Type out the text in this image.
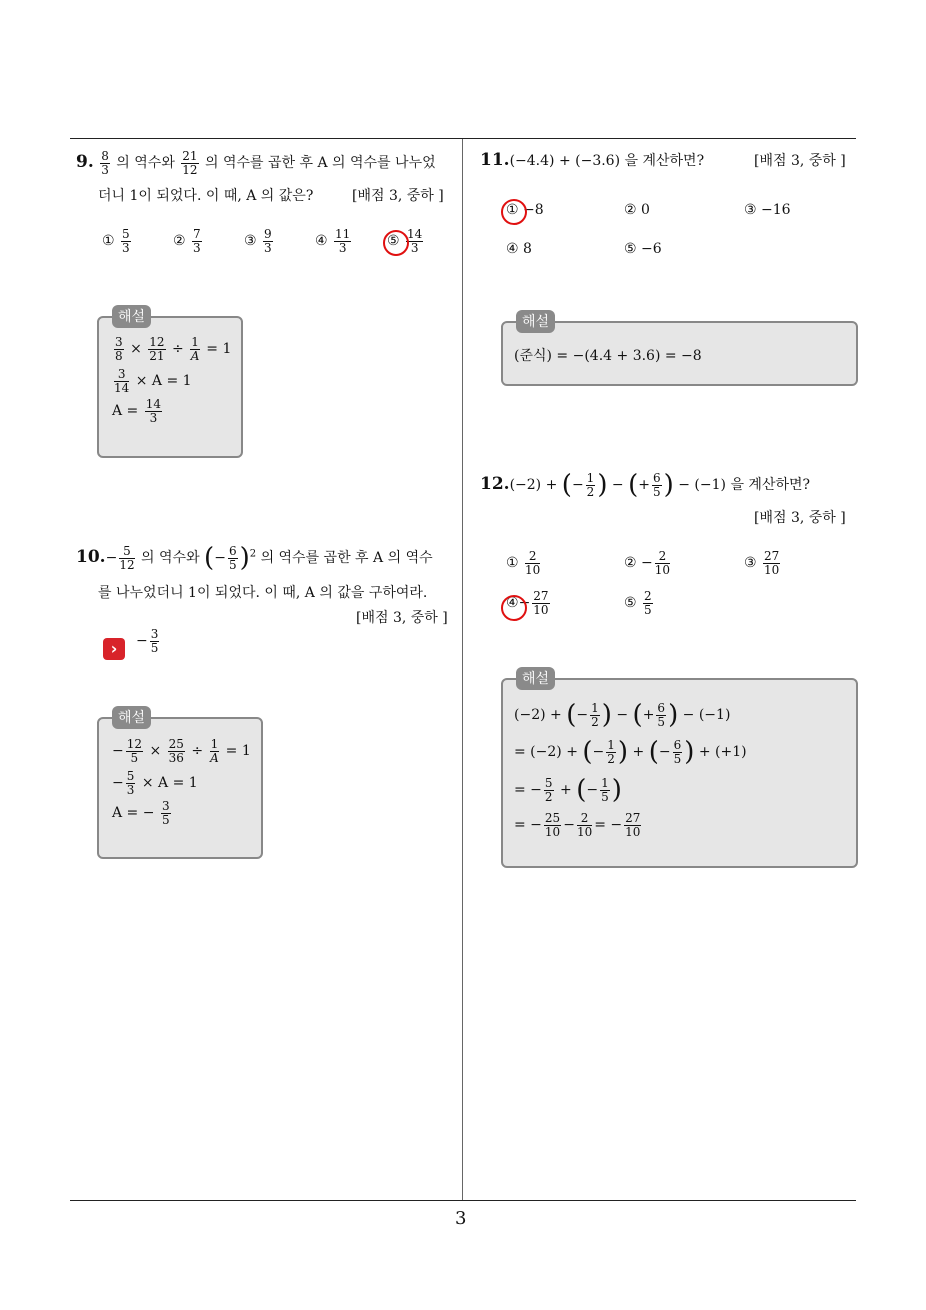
3
9. $\frac{8}{3}$ 의 역수와 $\frac{21}{12}$ 의 역수를 곱한 후 A 의 역수를 나누었
더니 1이 되었다. 이 때, A 의 값은?	[배점 3, 중하 ]
① $\frac{5}{3}$	② $\frac{7}{3}$	③ $\frac{9}{3}$	④ $\frac{11}{3}$	⑤ $\frac{14}{3}$
해설
$\frac{3}{8} \times \frac{12}{21} \div \frac{1}{A} = 1$
$\frac{3}{14} \times A = 1$
$A = \frac{14}{3}$
$10.- \frac{5}{12}$ 의 역수와 (− $\frac{6}{5} )^2$ 의 역수를 곱한 후 A 의 역수
를 나누었더니 1이 되었다. 이 때, A 의 값을 구하여라.
[배점 3, 중하 ]
›	− $\frac{3}{5}$
해설
− $\frac{12}{5} \times \frac{25}{36} \div \frac{1}{A} = 1$
− $\frac{5}{3} \times A = 1$
A = − $\frac{3}{5}$
11.(−4.4) + (−3.6) 을 계산하면?	[배점 3, 중하 ]
① −8	② 0	③ −16
④ 8	⑤ −6
해설
(준식) = −(4.4 + 3.6) = −8
12.(−2) + (− $\frac{1}{2}$ ) − (+ $\frac{6}{5}$ ) − (−1) 을 계산하면?
[배점 3, 중하 ]
① $\frac{2}{10}$	② − $\frac{2}{10}$	③ $\frac{27}{10}$
④− $\frac{27}{10}$	⑤ $\frac{2}{5}$
해설
(−2) + (− $\frac{1}{2}$ ) − (+ $\frac{6}{5}$ ) − (−1)
= (−2) + (− $\frac{1}{2}$ ) + (− $\frac{6}{5}$ ) + (+1)
= − $\frac{5}{2}$ + (− $\frac{1}{5}$ )
= − $\frac{25}{10} - \frac{2}{10}$ = − $\frac{27}{10}$
